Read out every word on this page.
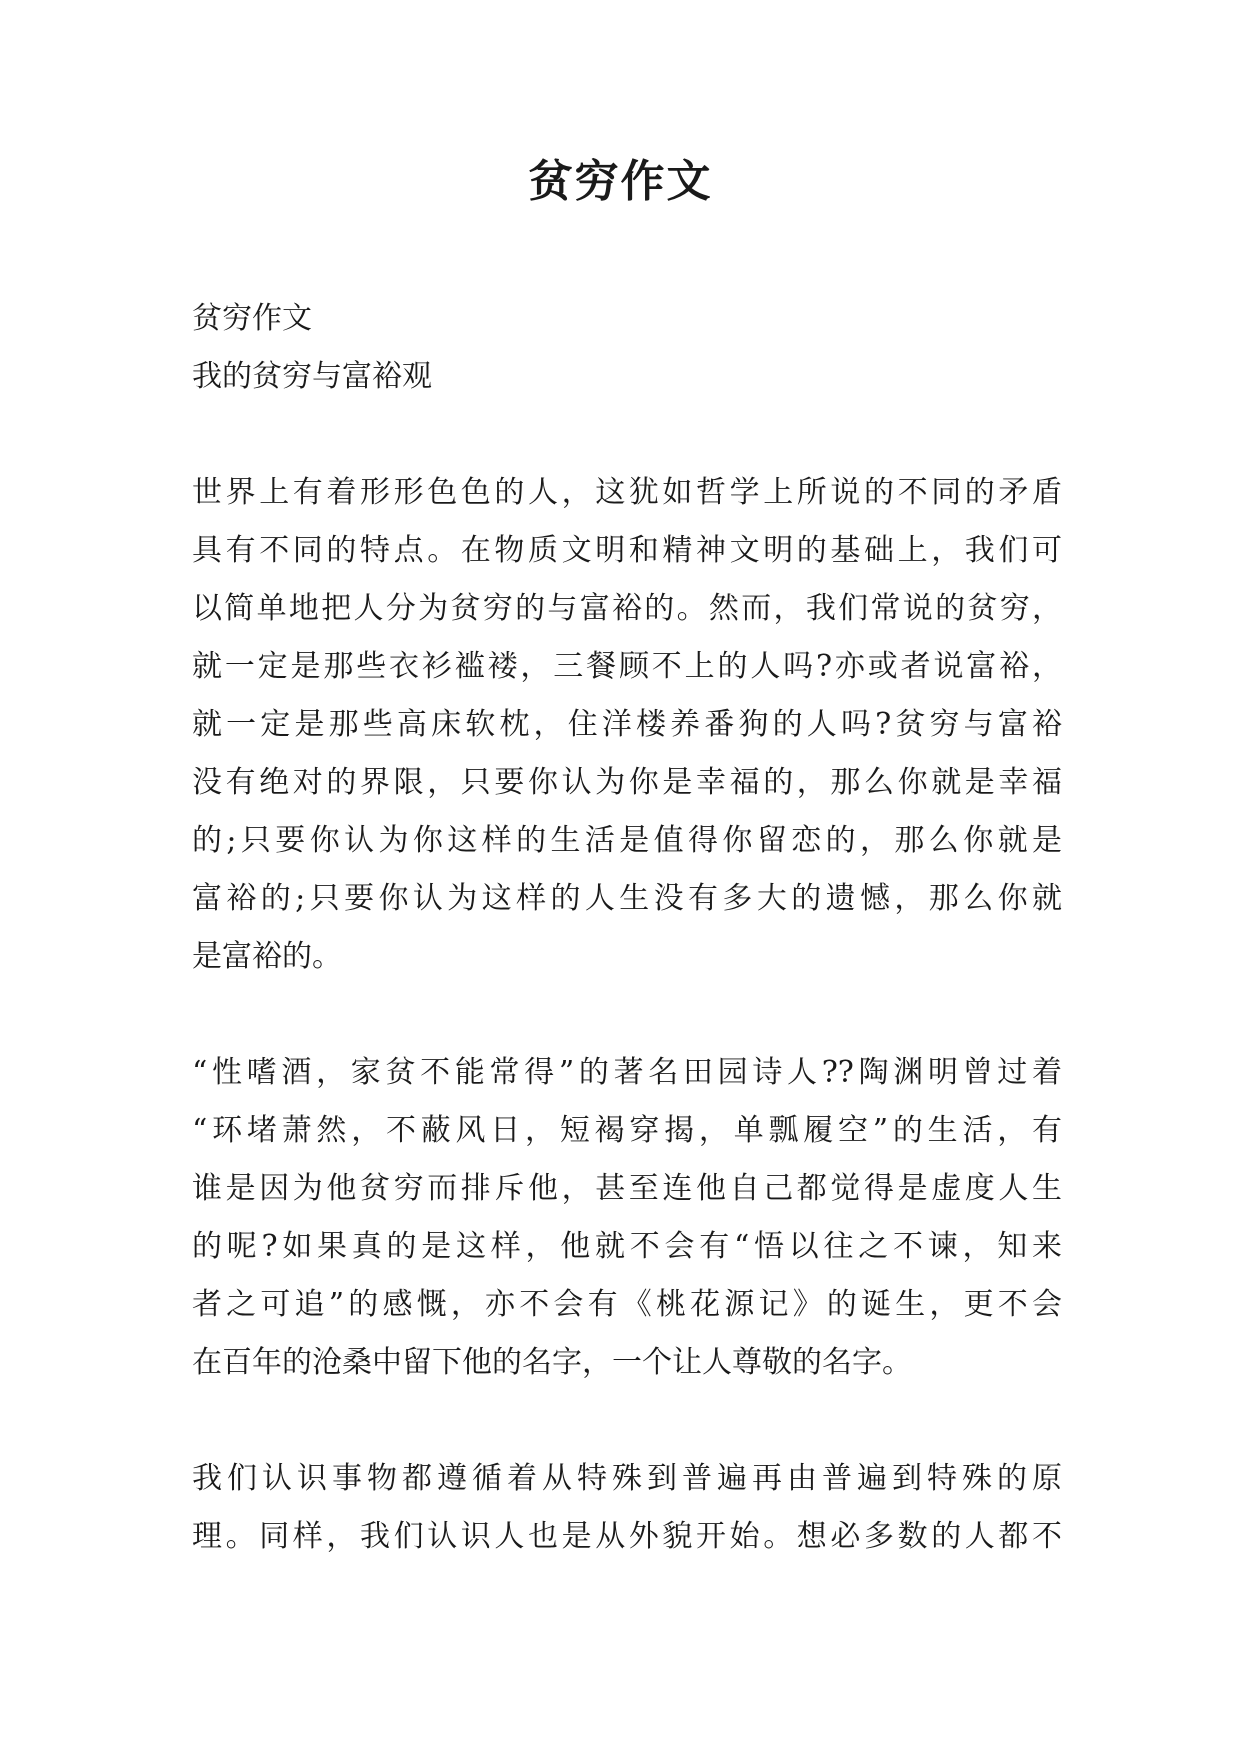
贫穷作文
贫穷作文
我的贫穷与富裕观
世界上有着形形色色的人，这犹如哲学上所说的不同的矛盾
具有不同的特点。在物质文明和精神文明的基础上，我们可
以简单地把人分为贫穷的与富裕的。然而，我们常说的贫穷，
就一定是那些衣衫褴褛，三餐顾不上的人吗?亦或者说富裕，
就一定是那些高床软枕，住洋楼养番狗的人吗?贫穷与富裕
没有绝对的界限，只要你认为你是幸福的，那么你就是幸福
的;只要你认为你这样的生活是值得你留恋的，那么你就是
富裕的;只要你认为这样的人生没有多大的遗憾，那么你就
是富裕的。
“性嗜酒，家贫不能常得”的著名田园诗人??陶渊明曾过着
“环堵萧然，不蔽风日，短褐穿揭，单瓢履空”的生活，有
谁是因为他贫穷而排斥他，甚至连他自己都觉得是虚度人生
的呢?如果真的是这样，他就不会有“悟以往之不谏，知来
者之可追”的感慨，亦不会有《桃花源记》的诞生，更不会
在百年的沧桑中留下他的名字，一个让人尊敬的名字。
我们认识事物都遵循着从特殊到普遍再由普遍到特殊的原
理。同样，我们认识人也是从外貌开始。想必多数的人都不
